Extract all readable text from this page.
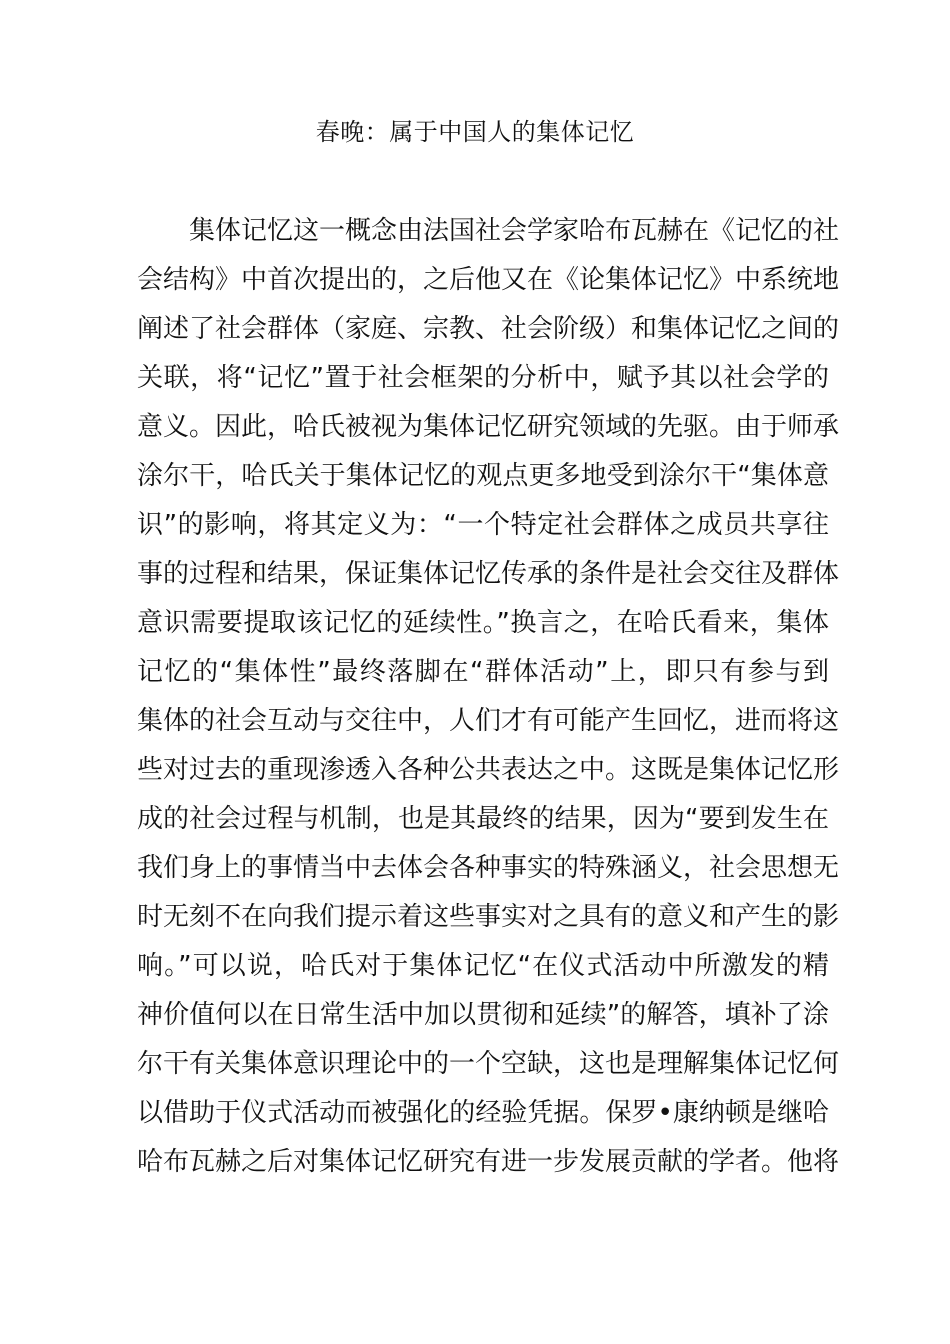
春晚：属于中国人的集体记忆
集体记忆这一概念由法国社会学家哈布瓦赫在《记忆的社
会结构》中首次提出的，之后他又在《论集体记忆》中系统地
阐述了社会群体（家庭、宗教、社会阶级）和集体记忆之间的
关联，将“记忆”置于社会框架的分析中，赋予其以社会学的
意义。因此，哈氏被视为集体记忆研究领域的先驱。由于师承
涂尔干，哈氏关于集体记忆的观点更多地受到涂尔干“集体意
识”的影响，将其定义为：“一个特定社会群体之成员共享往
事的过程和结果，保证集体记忆传承的条件是社会交往及群体
意识需要提取该记忆的延续性。”换言之，在哈氏看来，集体
记忆的“集体性”最终落脚在“群体活动”上，即只有参与到
集体的社会互动与交往中，人们才有可能产生回忆，进而将这
些对过去的重现渗透入各种公共表达之中。这既是集体记忆形
成的社会过程与机制，也是其最终的结果，因为“要到发生在
我们身上的事情当中去体会各种事实的特殊涵义，社会思想无
时无刻不在向我们提示着这些事实对之具有的意义和产生的影
响。”可以说，哈氏对于集体记忆“在仪式活动中所激发的精
神价值何以在日常生活中加以贯彻和延续”的解答，填补了涂
尔干有关集体意识理论中的一个空缺，这也是理解集体记忆何
以借助于仪式活动而被强化的经验凭据。保罗•康纳顿是继哈
哈布瓦赫之后对集体记忆研究有进一步发展贡献的学者。他将
